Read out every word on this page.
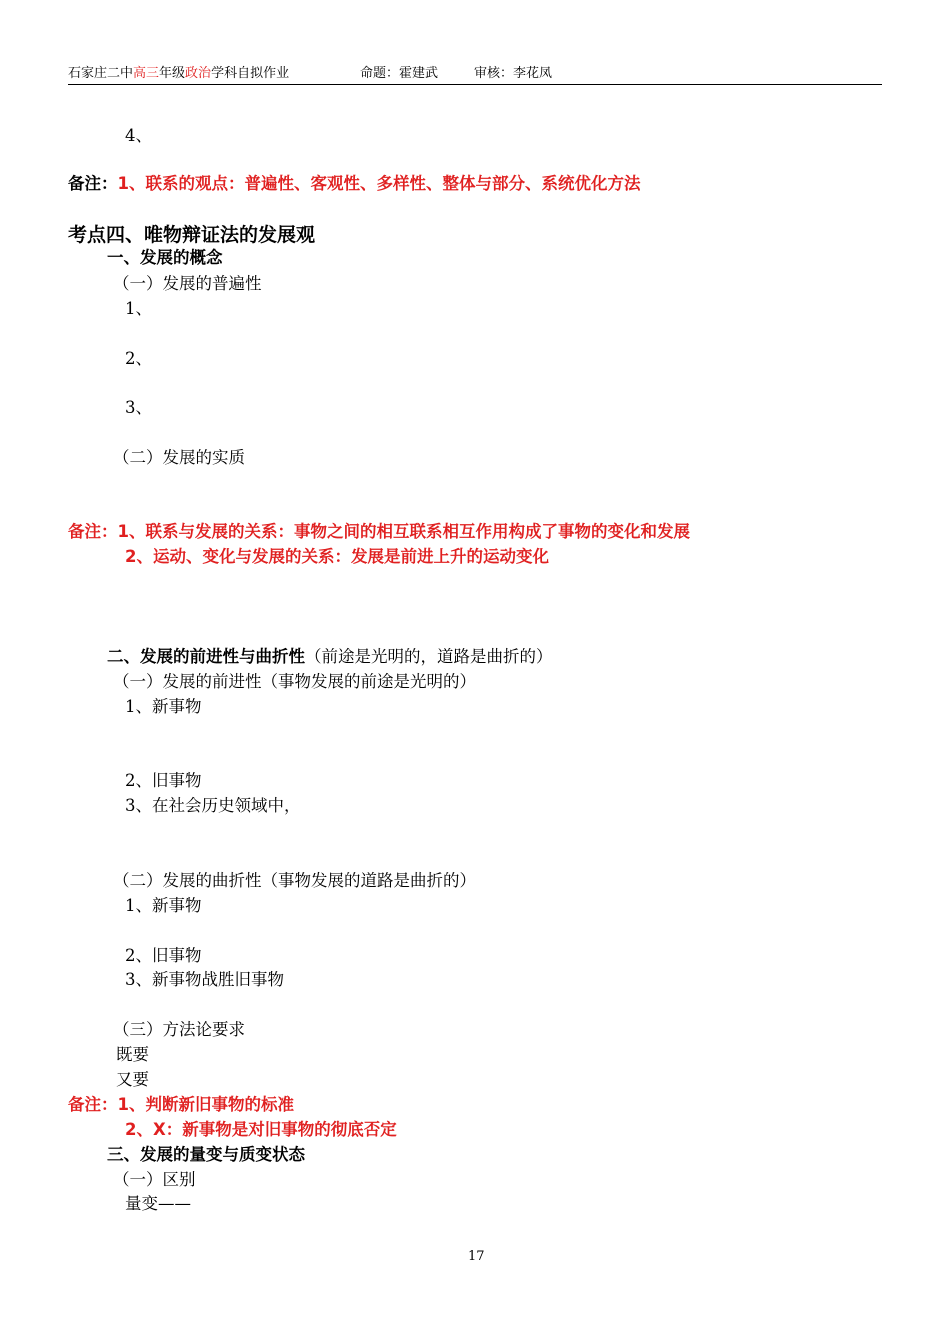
石家庄二中高三年级政治学科自拟作业	命题：霍建武	审核：李花凤
4、
备注：1、联系的观点：普遍性、客观性、多样性、整体与部分、系统优化方法
考点四、唯物辩证法的发展观
一、发展的概念
（一）发展的普遍性
1、
2、
3、
（二）发展的实质
备注：1、联系与发展的关系：事物之间的相互联系相互作用构成了事物的变化和发展
2、运动、变化与发展的关系：发展是前进上升的运动变化
二、发展的前进性与曲折性（前途是光明的，道路是曲折的）
（一）发展的前进性（事物发展的前途是光明的）
1、新事物
2、旧事物
3、在社会历史领域中，
（二）发展的曲折性（事物发展的道路是曲折的）
1、新事物
2、旧事物
3、新事物战胜旧事物
（三）方法论要求
既要
又要
备注：1、判断新旧事物的标准
2、X：新事物是对旧事物的彻底否定
三、发展的量变与质变状态
（一）区别
量变——
17
